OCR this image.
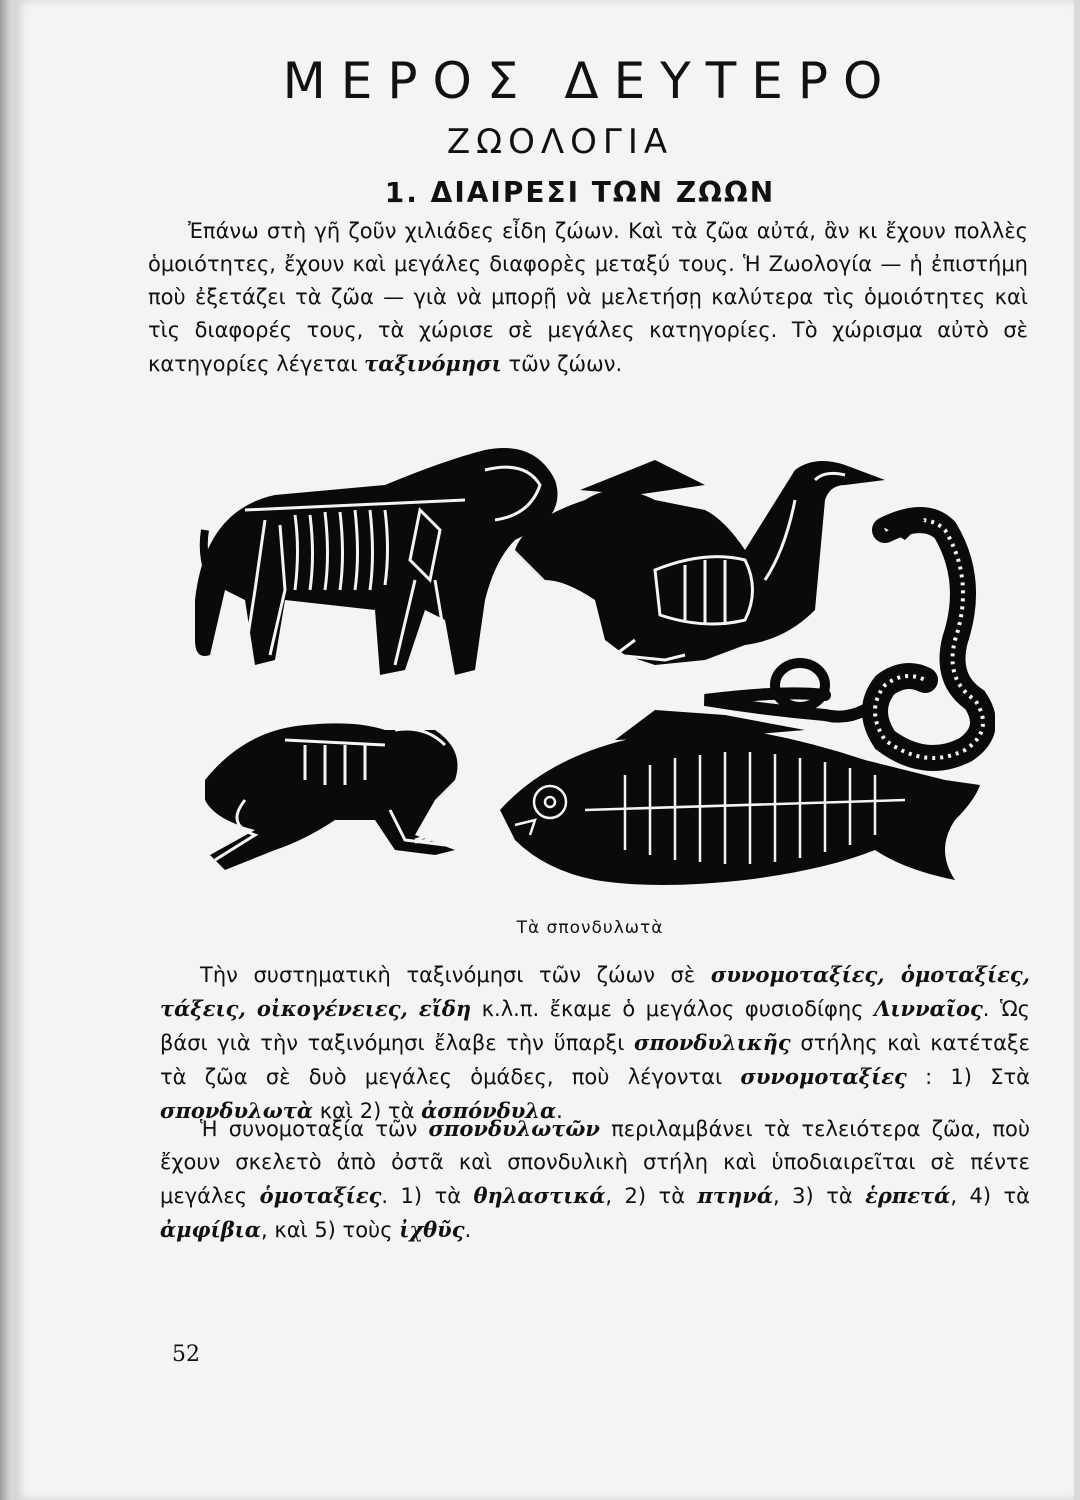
ΜΕΡΟΣ ΔΕΥΤΕΡΟ
ΖΩΟΛΟΓΙΑ
1. ΔΙΑΙΡΕΣΙ ΤΩΝ ΖΩΩΝ
Ἐπάνω στὴ γῆ ζοῦν χιλιάδες εἶδη ζώων. Καὶ τὰ ζῶα αὐτά, ἂν κι ἔχουν πολλὲς ὁμοιότητες, ἔχουν καὶ μεγάλες διαφορὲς μεταξύ τους. Ἡ Ζωολογία — ἡ ἐπιστήμη ποὺ ἐξετάζει τὰ ζῶα — γιὰ νὰ μπορῇ νὰ μελετήσῃ καλύτερα τὶς ὁμοιότητες καὶ τὶς διαφορές τους, τὰ χώρισε σὲ μεγάλες κατηγορίες. Τὸ χώρισμα αὐτὸ σὲ κατηγορίες λέγεται ταξινόμησι τῶν ζώων.
Τὰ σπονδυλωτὰ
Τὴν συστηματικὴ ταξινόμησι τῶν ζώων σὲ συνομοταξίες, ὁμοταξίες, τάξεις, οἰκογένειες, εἴδη κ.λ.π. ἔκαμε ὁ μεγάλος φυσιοδίφης Λινναῖος. Ὡς βάσι γιὰ τὴν ταξινόμησι ἔλαβε τὴν ὕπαρξι σπονδυλικῆς στήλης καὶ κατέταξε τὰ ζῶα σὲ δυὸ μεγάλες ὁμάδες, ποὺ λέγονται συνομοταξίες : 1) Στὰ σπονδυλωτὰ καὶ 2) τὰ ἀσπόνδυλα.
Ἡ συνομοταξία τῶν σπονδυλωτῶν περιλαμβάνει τὰ τελειότερα ζῶα, ποὺ ἔχουν σκελετὸ ἀπὸ ὀστᾶ καὶ σπονδυλικὴ στήλη καὶ ὑποδιαιρεῖται σὲ πέντε μεγάλες ὁμοταξίες. 1) τὰ θηλαστικά, 2) τὰ πτηνά, 3) τὰ ἑρπετά, 4) τὰ ἀμφίβια, καὶ 5) τοὺς ἰχθῦς.
52
